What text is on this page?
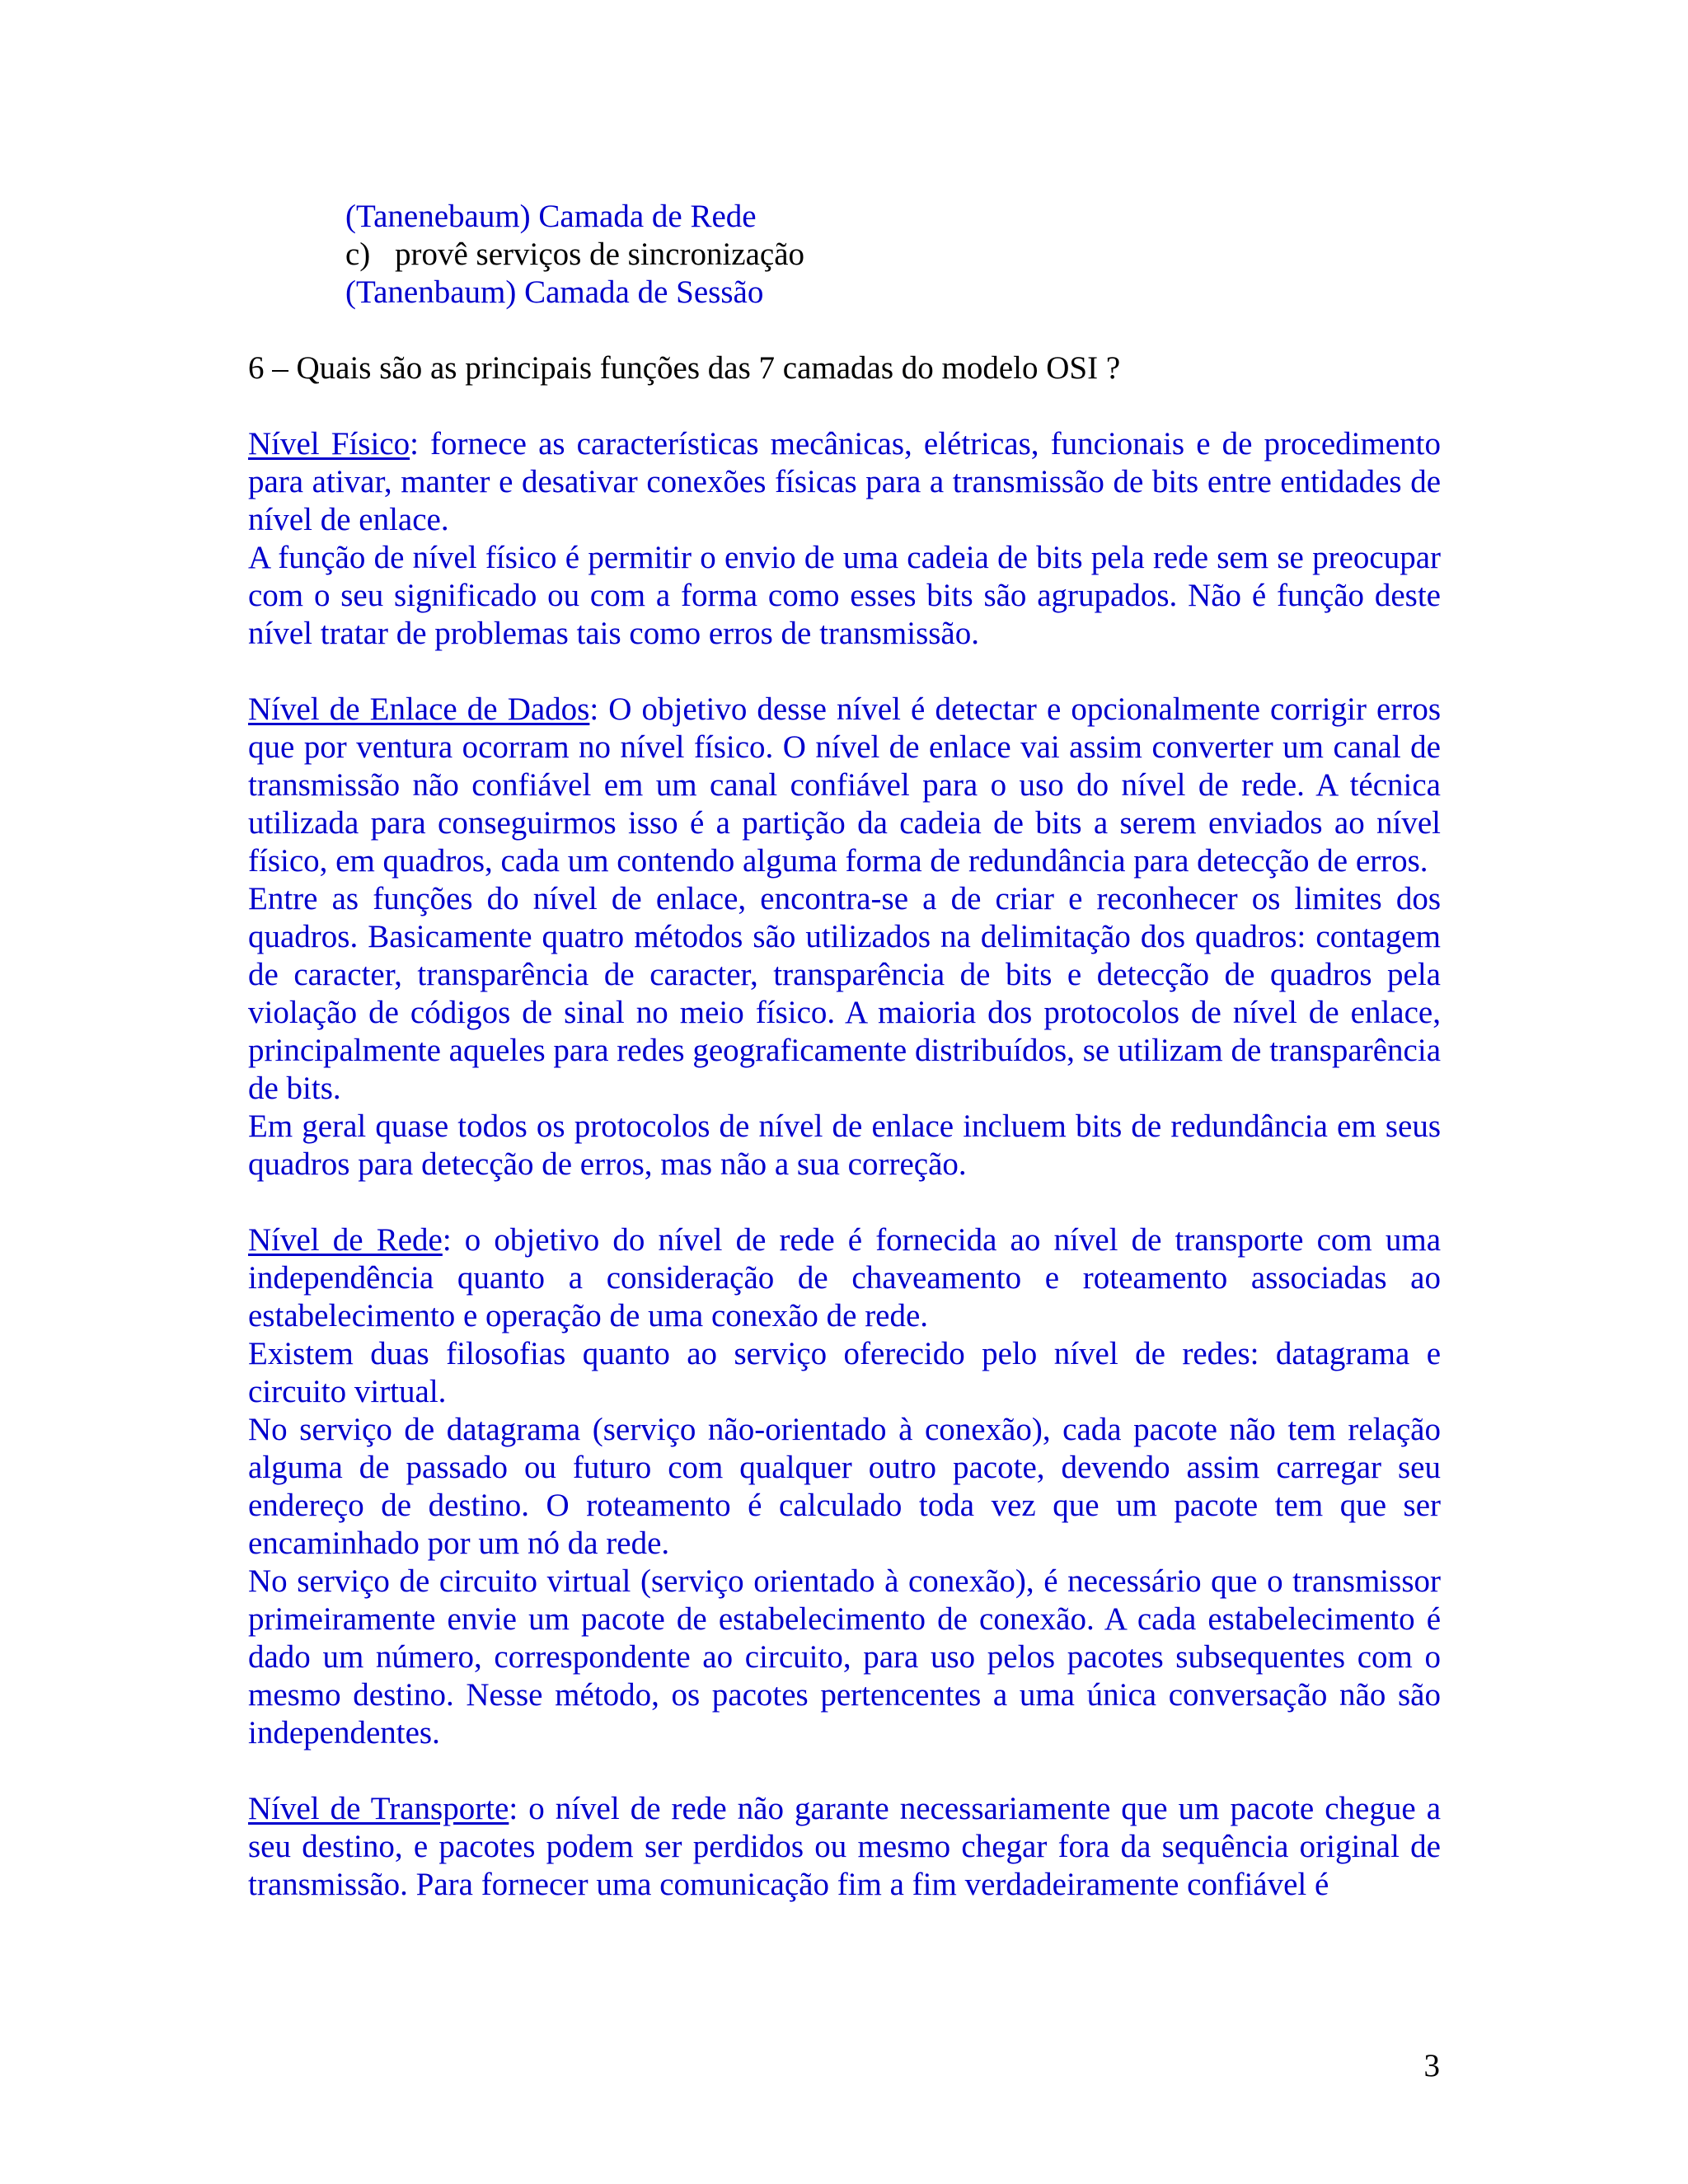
(Tanenebaum) Camada de Rede

c) provê serviços de sincronização

(Tanenbaum) Camada de Sessão

6 – Quais são as principais funções das 7 camadas do modelo OSI ?

Nível Físico: fornece as características mecânicas, elétricas, funcionais e de procedimento para ativar, manter e desativar conexões físicas para a transmissão de bits entre entidades de nível de enlace.

A função de nível físico é permitir o envio de uma cadeia de bits pela rede sem se preocupar com o seu significado ou com a forma como esses bits são agrupados. Não é função deste nível tratar de problemas tais como erros de transmissão.

Nível de Enlace de Dados: O objetivo desse nível é detectar e opcionalmente corrigir erros que por ventura ocorram no nível físico. O nível de enlace vai assim converter um canal de transmissão não confiável em um canal confiável para o uso do nível de rede. A técnica utilizada para conseguirmos isso é a partição da cadeia de bits a serem enviados ao nível físico, em quadros, cada um contendo alguma forma de redundância para detecção de erros.

Entre as funções do nível de enlace, encontra-se a de criar e reconhecer os limites dos quadros. Basicamente quatro métodos são utilizados na delimitação dos quadros: contagem de caracter, transparência de caracter, transparência de bits e detecção de quadros pela violação de códigos de sinal no meio físico. A maioria dos protocolos de nível de enlace, principalmente aqueles para redes geograficamente distribuídos, se utilizam de transparência de bits.

Em geral quase todos os protocolos de nível de enlace incluem bits de redundância em seus quadros para detecção de erros, mas não a sua correção.

Nível de Rede: o objetivo do nível de rede é fornecida ao nível de transporte com uma independência quanto a consideração de chaveamento e roteamento associadas ao estabelecimento e operação de uma conexão de rede.

Existem duas filosofias quanto ao serviço oferecido pelo nível de redes: datagrama e circuito virtual.

No serviço de datagrama (serviço não-orientado à conexão), cada pacote não tem relação alguma de passado ou futuro com qualquer outro pacote, devendo assim carregar seu endereço de destino. O roteamento é calculado toda vez que um pacote tem que ser encaminhado por um nó da rede.

No serviço de circuito virtual (serviço orientado à conexão), é necessário que o transmissor primeiramente envie um pacote de estabelecimento de conexão. A cada estabelecimento é dado um número, correspondente ao circuito, para uso pelos pacotes subsequentes com o mesmo destino. Nesse método, os pacotes pertencentes a uma única conversação não são independentes.

Nível de Transporte: o nível de rede não garante necessariamente que um pacote chegue a seu destino, e pacotes podem ser perdidos ou mesmo chegar fora da sequência original de transmissão. Para fornecer uma comunicação fim a fim verdadeiramente confiável é

3
